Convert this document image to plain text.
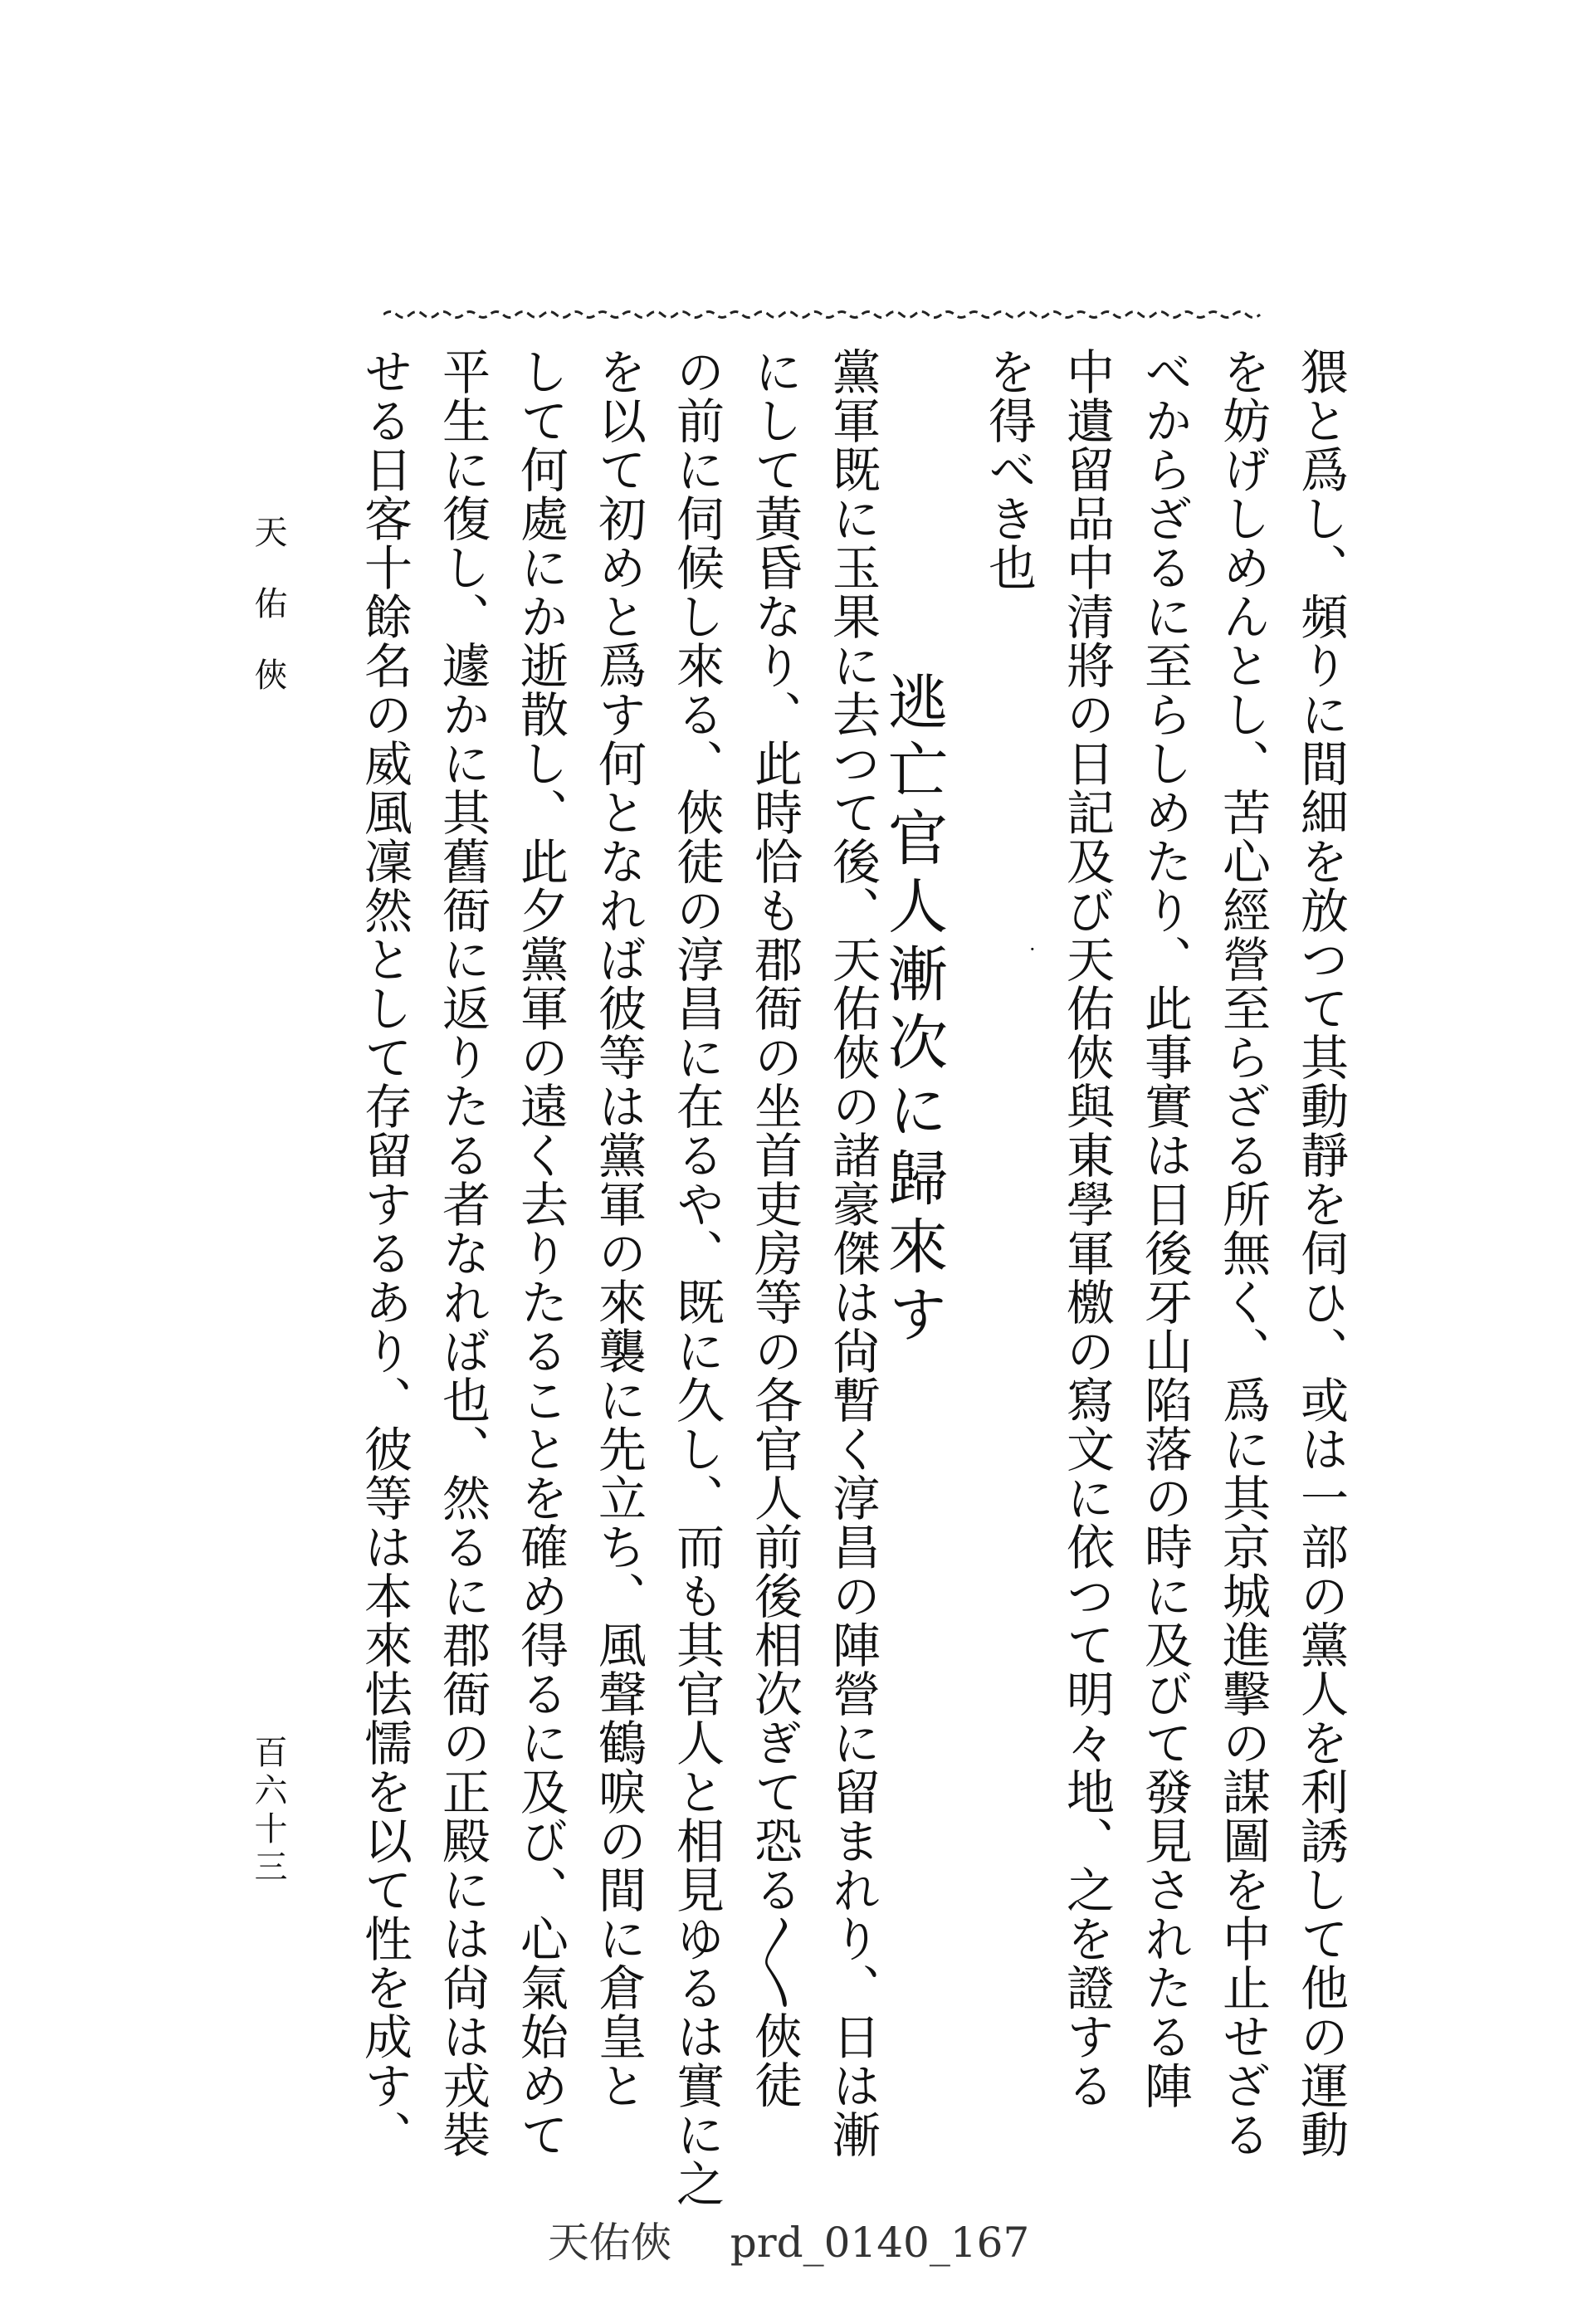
猥と爲し、頻りに間細を放つて其動靜を伺ひ、或は一部の黨人を利誘して他の運動
を妨げしめんとし、苦心經營至らざる所無く、爲に其京城進擊の謀圖を中止せざる
べからざるに至らしめたり、此事實は日後牙山陷落の時に及びて發見されたる陣
中遺留品中清將の日記及び天佑俠與東學軍檄の寫文に依つて明々地、之を證する
を得べき也
黨軍既に玉果に去つて後、天佑俠の諸豪傑は尙暫く淳昌の陣營に留まれり、日は漸
にして黃昏なり、此時恰も郡衙の坐首吏房等の各官人前後相次ぎて恐る〳〵俠徒
の前に伺候し來る、俠徒の淳昌に在るや、既に久し、而も其官人と相見ゆるは實に之
を以て初めと爲す何となれば彼等は黨軍の來襲に先立ち、風聲鶴唳の間に倉皇と
して何處にか逝散し、此夕黨軍の遠く去りたることを確め得るに及び、心氣始めて
平生に復し、遽かに其舊衙に返りたる者なれば也、然るに郡衙の正殿には尙は戎裝
せる日客十餘名の威風凜然として存留するあり、彼等は本來怯懦を以て性を成す、	逃亡官人漸次に歸來す	·
天佑俠
百六十三
天佑俠 prd_0140_167
